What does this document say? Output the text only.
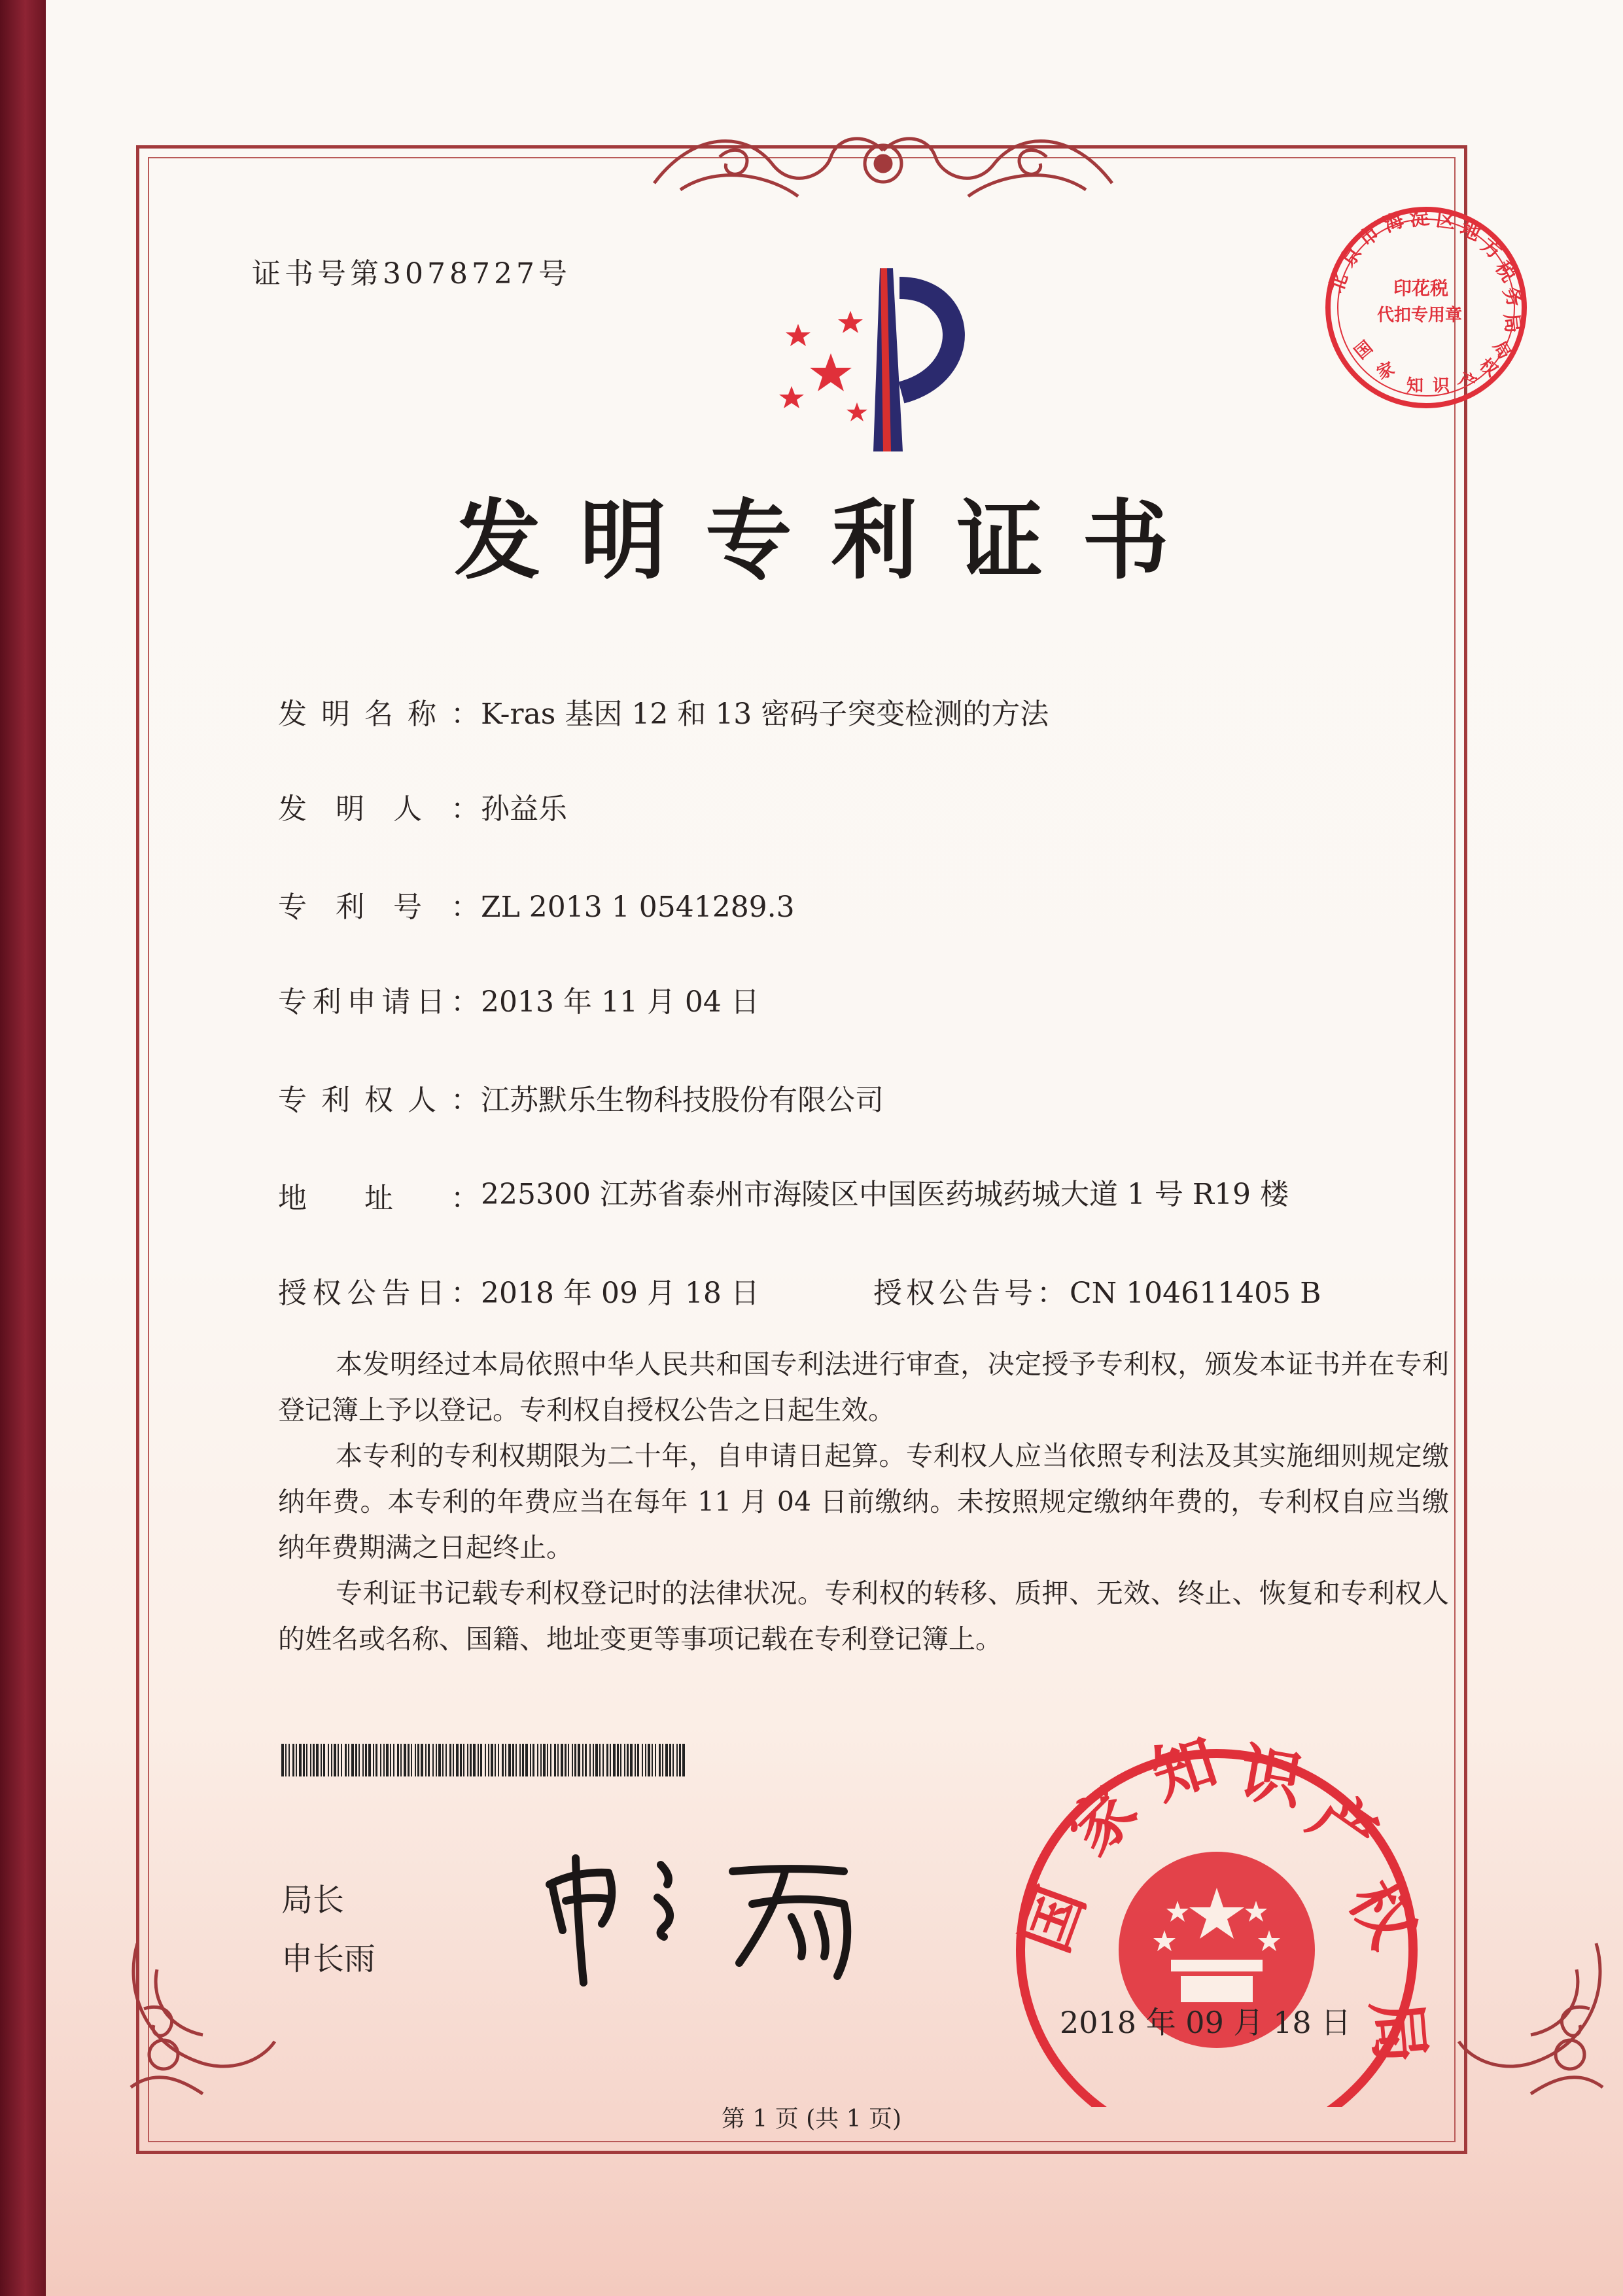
证书号第3078727号
发明专利证书
发明名称：K-ras 基因 12 和 13 密码子突变检测的方法
发明人：孙益乐
专利号：ZL 2013 1 0541289.3
专利申请日：2013 年 11 月 04 日
专利权人：江苏默乐生物科技股份有限公司
地址： 225300 江苏省泰州市海陵区中国医药城药城大道 1 号 R19 楼
授权公告日：2018 年 09 月 18 日	授权公告号：CN 104611405 B

本发明经过本局依照中华人民共和国专利法进行审查，决定授予专利权，颁发本证书并在专利登记簿上予以登记。专利权自授权公告之日起生效。

本专利的专利权期限为二十年，自申请日起算。专利权人应当依照专利法及其实施细则规定缴纳年费。本专利的年费应当在每年 11 月 04 日前缴纳。未按照规定缴纳年费的，专利权自应当缴纳年费期满之日起终止。

专利证书记载专利权登记时的法律状况。专利权的转移、质押、无效、终止、恢复和专利权人的姓名或名称、国籍、地址变更等事项记载在专利登记簿上。

局长
申长雨	国
家
知 识
产
权
局
2018 年 09 月 18 日
北
京
市
海 淀 区 地
方
税
务
局
印花税
代扣专用章
国
家
知 识 产
权
局
第 1 页 (共 1 页)
